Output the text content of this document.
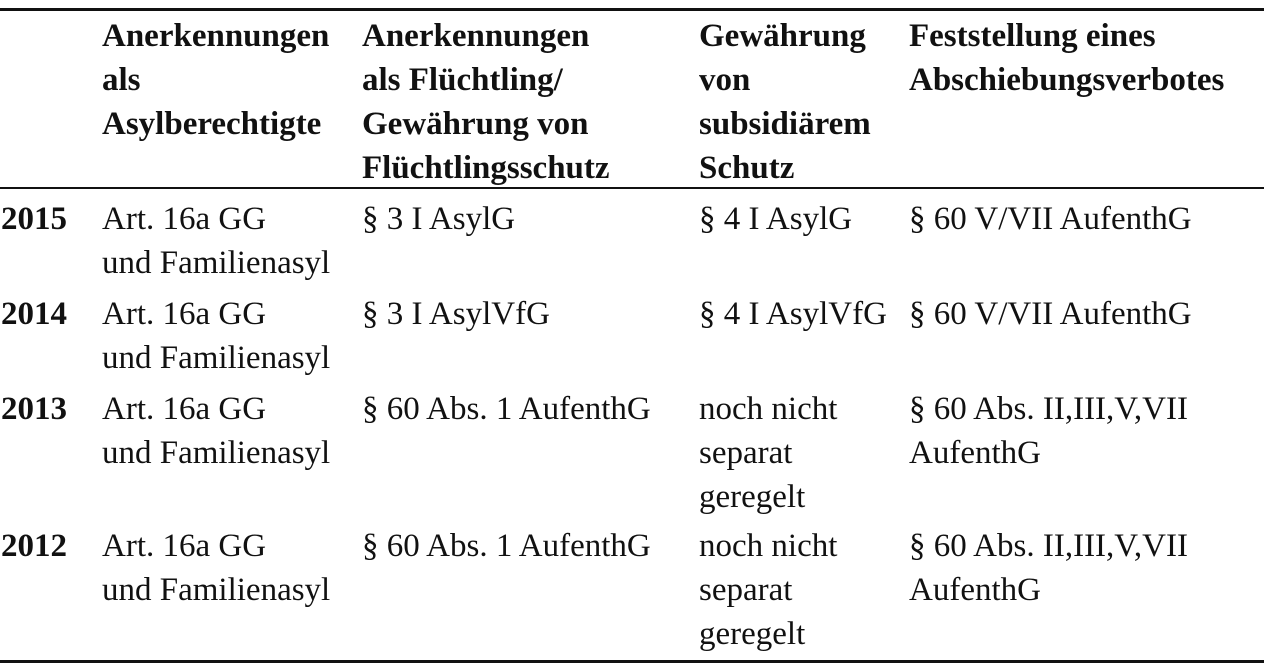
Anerkennungen
als
Asylberechtigte
Anerkennungen
als Flüchtling/
Gewährung von
Flüchtlingsschutz
Gewährung
von
subsidiärem
Schutz
Feststellung eines
Abschiebungsverbotes
2015 Art. 16a GG
und Familienasyl
§ 3 I AsylG	§ 4 I AsylG § 60 V/VII AufenthG
2014 Art. 16a GG
und Familienasyl
§ 3 I AsylVfG	§ 4 I AsylVfG § 60 V/VII AufenthG
2013 Art. 16a GG
und Familienasyl
§ 60 Abs. 1 AufenthG noch nicht
separat
geregelt
§ 60 Abs. II,III,V,VII
AufenthG
2012 Art. 16a GG
und Familienasyl
§ 60 Abs. 1 AufenthG noch nicht
separat
geregelt
§ 60 Abs. II,III,V,VII
AufenthG
